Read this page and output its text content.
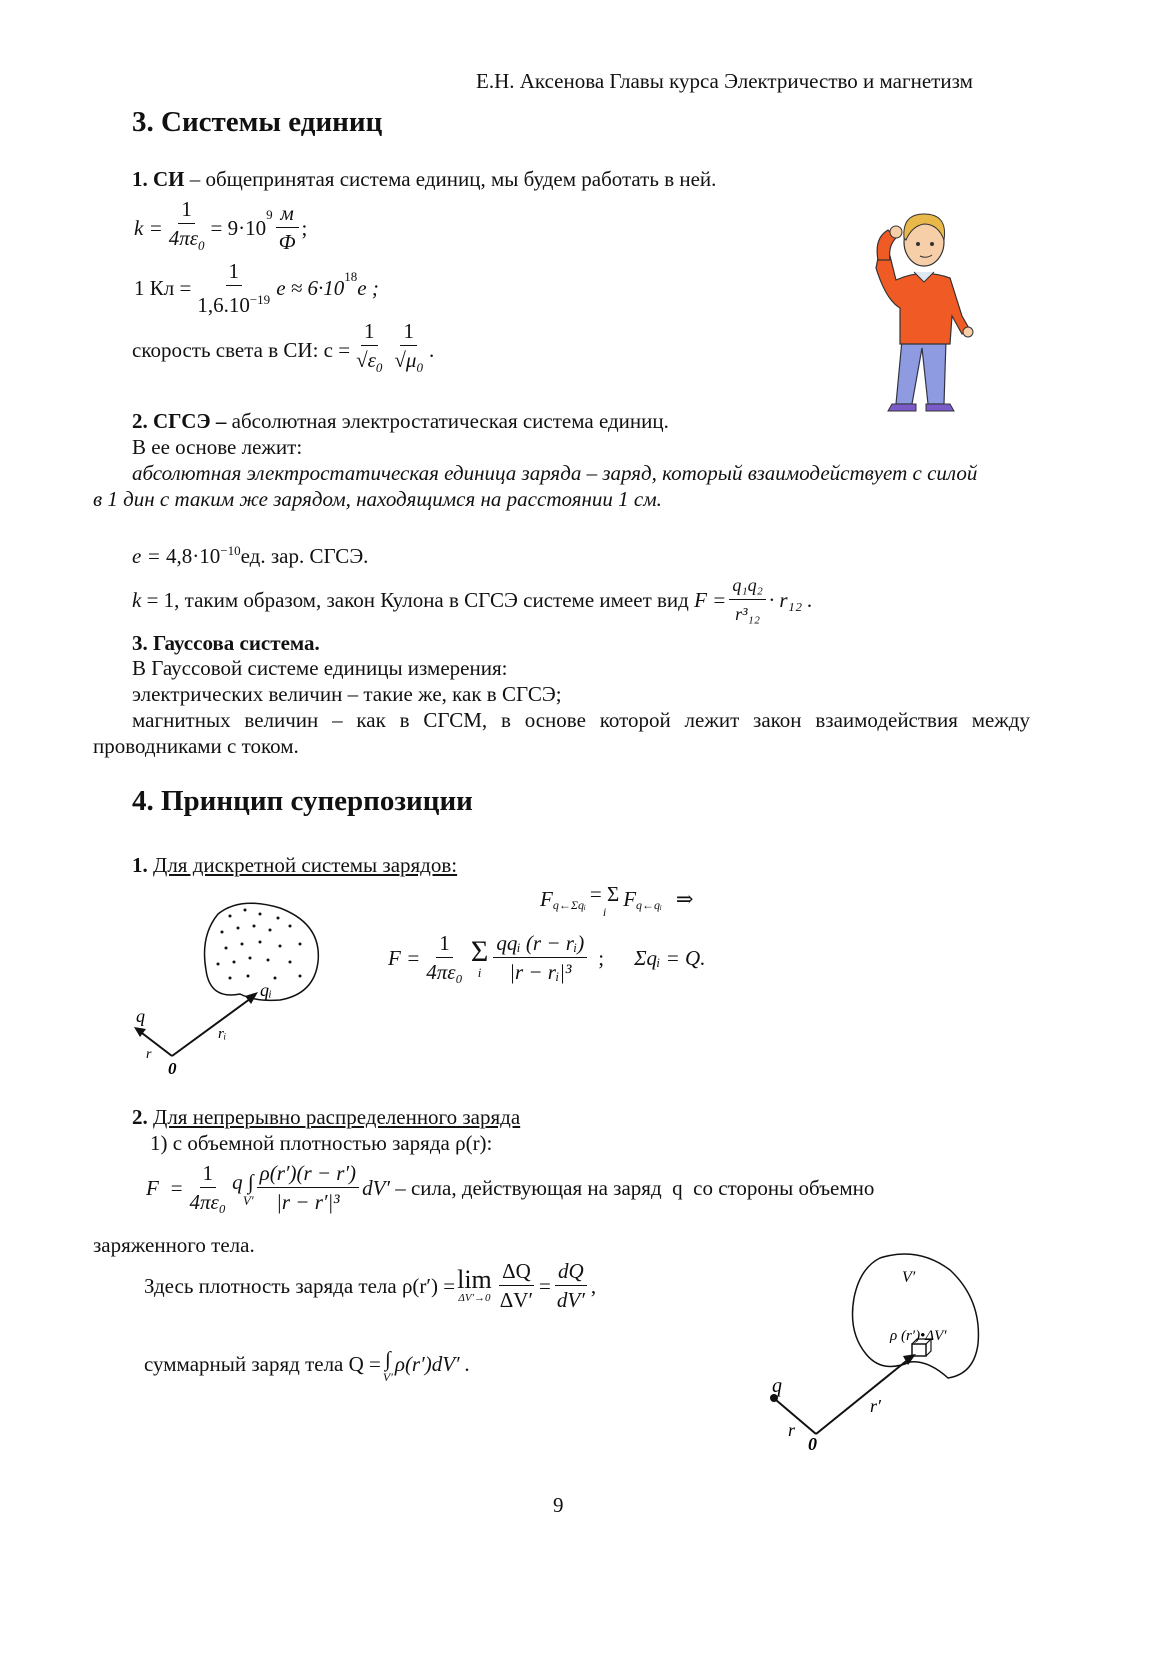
Е.Н. Аксенова Главы курса Электричество и магнетизм
3. Системы единиц
1. СИ – общепринятая система единиц, мы будем работать в ней.
$k = \frac{1}{4\pi\varepsilon_0} = 9\cdot 10$
$^9 \frac{м}{Ф}$ ;
1 Кл = $\frac{1}{1,6.10^{-19}}$ $e \approx 6\cdot 10^{18}$ e ;
скорость света в СИ: $с = \frac{1}{√\varepsilon_0} \frac{1}{√\mu_0}$ .
2. СГСЭ – абсолютная электростатическая система единиц.
В ее основе лежит:
абсолютная электростатическая единица заряда – заряд, который взаимодействует с силой
в 1 дин с таким же зарядом, находящимся на расстоянии 1 см.
$e = 4,8\cdot 10^{-10}ед$. зар. СГСЭ.
k = 1, таким образом, закон Кулона в СГСЭ системе имеет вид $F = \frac{\text{q₁q₂}}{\text{r³₁₂}} \cdot r_{12}$ .
3. Гауссова система.
В Гауссовой системе единицы измерения:
электрических величин – такие же, как в СГСЭ;
магнитных величин – как в СГСМ, в основе которой лежит закон взаимодействия между проводниками с током.
4. Принцип суперпозиции
1. Для дискретной системы зарядов:
$F_{q\leftarrow\Sigma qᵢ} = \Sigma$
i
$F_{q\leftarrow qᵢ}$ ⇒
$F = \frac{1}{\text{4πε₀}}$ Σ
i $\frac{\text{qqᵢ (r − rᵢ)}}{\text{|r − rᵢ|³}}$ ; Σqᵢ = Q.
qᵢ
q
rᵢ
r
0
2. Для непрерывно распределенного заряда
1) с объемной плотностью заряда ρ(r):
$F = \frac{1}{\text{4πε₀}}$ q ∫
$V' \frac{\rho(r')(r - r')}{\text{|r − r′|³}} dV'$ – сила, действующая на заряд  q  со стороны объемно
заряженного тела.
Здесь плотность заряда тела ρ(r′) = lim
$\Delta V'\to 0 \frac{\Delta Q}{\Delta V'} = \frac{dQ}{dV'}$ ,
суммарный заряд тела Q = ∫
V′
ρ(r′)dV′ .
V′
ρ (r′)•ΔV′
q
r′
r
0
9
